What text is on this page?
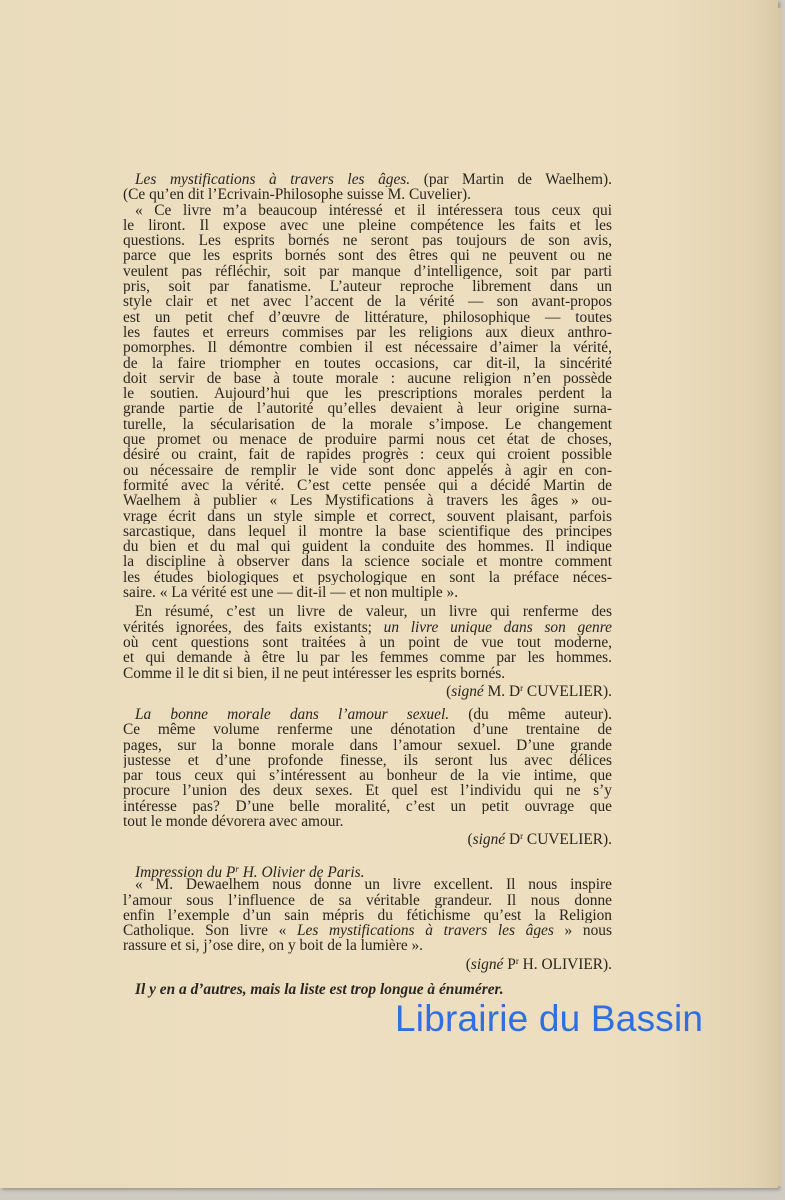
Les mystifications à travers les âges. (par Martin de Waelhem).
(Ce qu’en dit l’Ecrivain-Philosophe suisse M. Cuvelier).
« Ce livre m’a beaucoup intéressé et il intéressera tous ceux qui
le liront. Il expose avec une pleine compétence les faits et les
questions. Les esprits bornés ne seront pas toujours de son avis,
parce que les esprits bornés sont des êtres qui ne peuvent ou ne
veulent pas réfléchir, soit par manque d’intelligence, soit par parti
pris, soit par fanatisme. L’auteur reproche librement dans un
style clair et net avec l’accent de la vérité — son avant-propos
est un petit chef d’œuvre de littérature, philosophique — toutes
les fautes et erreurs commises par les religions aux dieux anthro-
pomorphes. Il démontre combien il est nécessaire d’aimer la vérité,
de la faire triompher en toutes occasions, car dit-il, la sincérité
doit servir de base à toute morale : aucune religion n’en possède
le soutien. Aujourd’hui que les prescriptions morales perdent la
grande partie de l’autorité qu’elles devaient à leur origine surna-
turelle, la sécularisation de la morale s’impose. Le changement
que promet ou menace de produire parmi nous cet état de choses,
désiré ou craint, fait de rapides progrès : ceux qui croient possible
ou nécessaire de remplir le vide sont donc appelés à agir en con-
formité avec la vérité. C’est cette pensée qui a décidé Martin de
Waelhem à publier « Les Mystifications à travers les âges » ou-
vrage écrit dans un style simple et correct, souvent plaisant, parfois
sarcastique, dans lequel il montre la base scientifique des principes
du bien et du mal qui guident la conduite des hommes. Il indique
la discipline à observer dans la science sociale et montre comment
les études biologiques et psychologique en sont la préface néces-
saire. « La vérité est une — dit-il — et non multiple ».
En résumé, c’est un livre de valeur, un livre qui renferme des
vérités ignorées, des faits existants; un livre unique dans son genre
où cent questions sont traitées à un point de vue tout moderne,
et qui demande à être lu par les femmes comme par les hommes.
Comme il le dit si bien, il ne peut intéresser les esprits bornés.
(signé M. $D^r$ CUVELIER).
La bonne morale dans l’amour sexuel. (du même auteur).
Ce même volume renferme une dénotation d’une trentaine de
pages, sur la bonne morale dans l’amour sexuel. D’une grande
justesse et d’une profonde finesse, ils seront lus avec délices
par tous ceux qui s’intéressent au bonheur de la vie intime, que
procure l’union des deux sexes. Et quel est l’individu qui ne s’y
intéresse pas? D’une belle moralité, c’est un petit ouvrage que
tout le monde dévorera avec amour.
(signé $D^r$ CUVELIER).
Impression du $P^r$ H. Olivier de Paris.
« M. Dewaelhem nous donne un livre excellent. Il nous inspire
l’amour sous l’influence de sa véritable grandeur. Il nous donne
enfin l’exemple d’un sain mépris du fétichisme qu’est la Religion
Catholique. Son livre « Les mystifications à travers les âges » nous
rassure et si, j’ose dire, on y boit de la lumière ».
(signé $P^r$ H. OLIVIER).
Il y en a d’autres, mais la liste est trop longue à énumérer.
Librairie du Bassin
